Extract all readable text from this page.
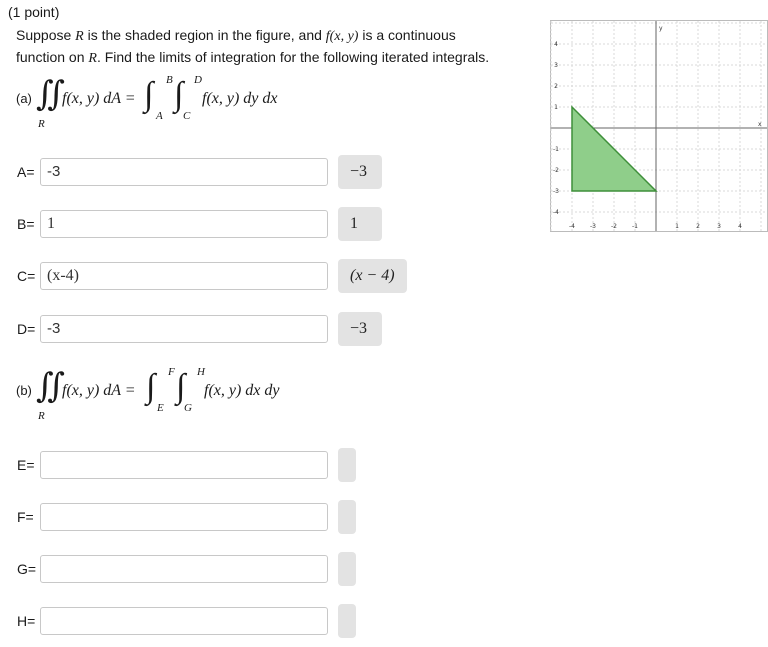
(1 point)
Suppose R is the shaded region in the figure, and f(x, y) is a continuous
function on R. Find the limits of integration for the following iterated integrals.
(a) ∬
R
f(x, y) dA = ∫ B
A
∫ D
C
f(x, y) dy dx
A= -3	−3
B= 1	1
C= (x-4)	(x − 4)
D= -3	−3
(b) ∬
R
f(x, y) dA = ∫ F
E
∫ H
G
f(x, y) dx dy
E=
F=
G=
H=
-4	-3	-2	-1	1	2	3	4
4
3
2
1
-1
-2
-3
-4
x
y
